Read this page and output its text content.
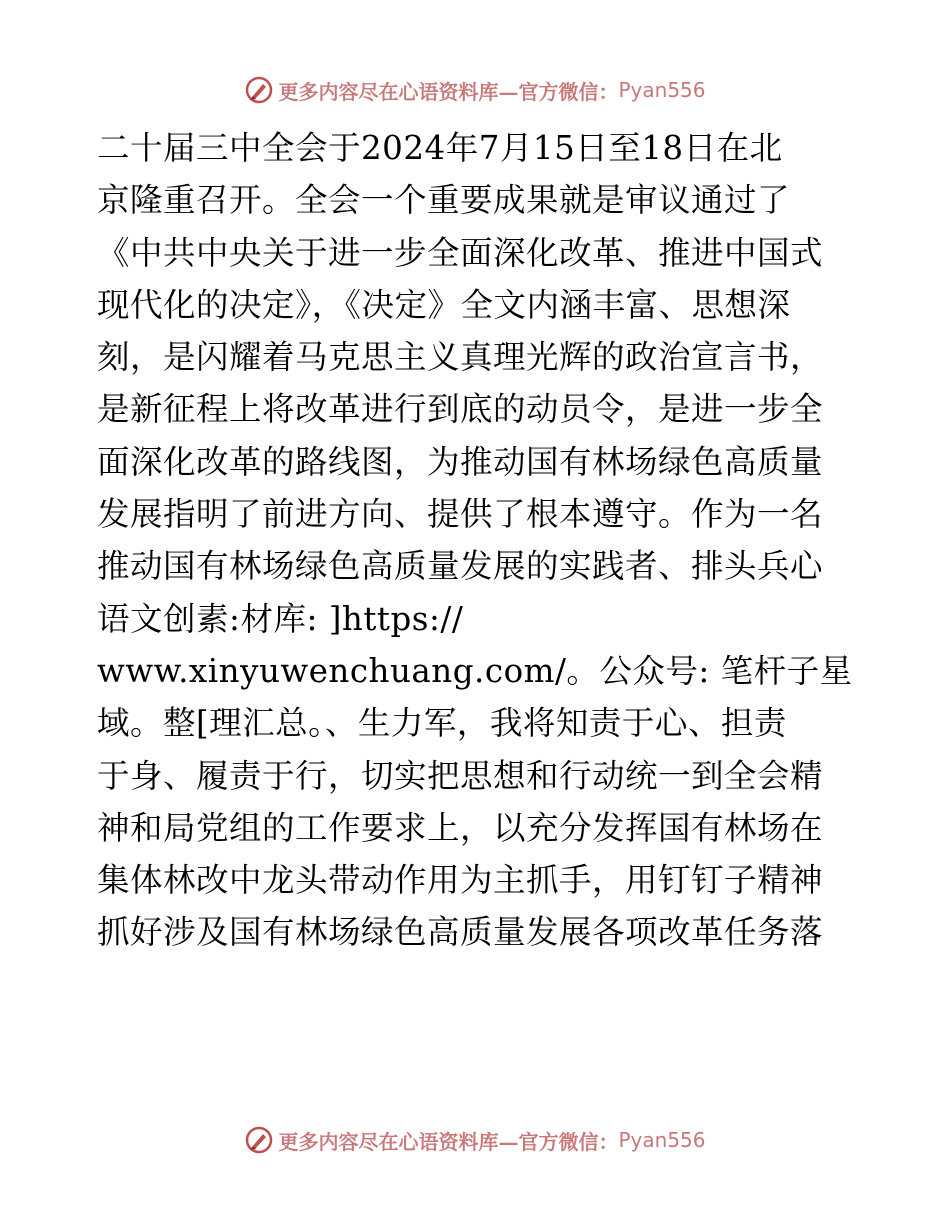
更多内容尽在心语资料库—官方微信： Pyan556
二十届三中全会于2024年7月15日至18日在北
京隆重召开。全会一个重要成果就是审议通过了
《中共中央关于进一步全面深化改革、推进中国式
现代化的决定》，《决定》全文内涵丰富、思想深
刻，是闪耀着马克思主义真理光辉的政治宣言书，
是新征程上将改革进行到底的动员令，是进一步全
面深化改革的路线图，为推动国有林场绿色高质量
发展指明了前进方向、提供了根本遵守。作为一名
推动国有林场绿色高质量发展的实践者、排头兵心
语文创素:材库: ]https://
www.xinyuwenchuang.com/。公众号: 笔杆子星
域。整[理汇总。、生力军，我将知责于心、担责
于身、履责于行，切实把思想和行动统一到全会精
神和局党组的工作要求上，以充分发挥国有林场在
集体林改中龙头带动作用为主抓手，用钉钉子精神
抓好涉及国有林场绿色高质量发展各项改革任务落
更多内容尽在心语资料库—官方微信： Pyan556
